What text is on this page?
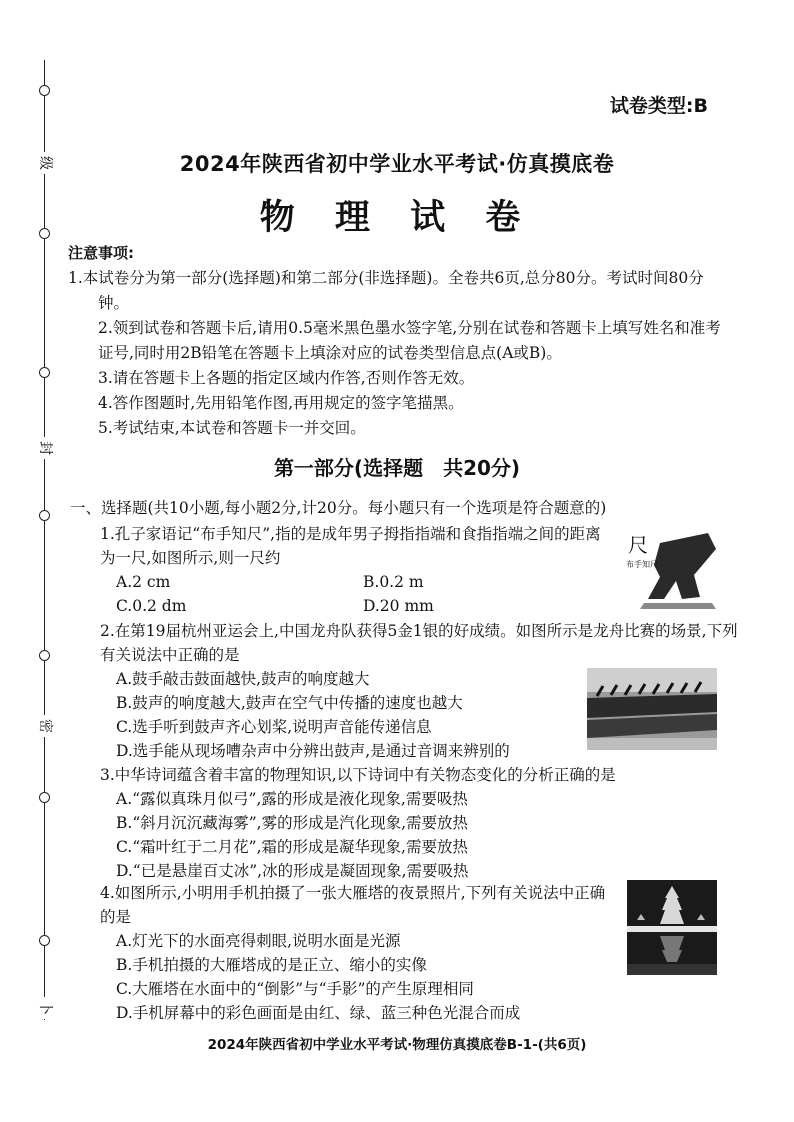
级
封
密
卜
试卷类型:B
2024年陕西省初中学业水平考试·仿真摸底卷
物 理 试 卷
注意事项:

1.本试卷分为第一部分(选择题)和第二部分(非选择题)。全卷共6页,总分80分。考试时间80分钟。

2.领到试卷和答题卡后,请用0.5毫米黑色墨水签字笔,分别在试卷和答题卡上填写姓名和准考证号,同时用2B铅笔在答题卡上填涂对应的试卷类型信息点(A或B)。

3.请在答题卡上各题的指定区域内作答,否则作答无效。

4.答作图题时,先用铅笔作图,再用规定的签字笔描黑。

5.考试结束,本试卷和答题卡一并交回。

第一部分(选择题　共20分)
一、选择题(共10小题,每小题2分,计20分。每小题只有一个选项是符合题意的)

1.孔子家语记“布手知尺”,指的是成年男子拇指指端和食指指端之间的距离为一尺,如图所示,则一尺约

A.2 cm	B.0.2 m
C.0.2 dm	D.20 mm
尺
布手知尺

2.在第19届杭州亚运会上,中国龙舟队获得5金1银的好成绩。如图所示是龙舟比赛的场景,下列有关说法中正确的是

A.鼓手敲击鼓面越快,鼓声的响度越大

B.鼓声的响度越大,鼓声在空气中传播的速度也越大

C.选手听到鼓声齐心划桨,说明声音能传递信息

D.选手能从现场嘈杂声中分辨出鼓声,是通过音调来辨别的

3.中华诗词蕴含着丰富的物理知识,以下诗词中有关物态变化的分析正确的是

A.“露似真珠月似弓”,露的形成是液化现象,需要吸热

B.“斜月沉沉藏海雾”,雾的形成是汽化现象,需要放热

C.“霜叶红于二月花”,霜的形成是凝华现象,需要放热

D.“已是悬崖百丈冰”,冰的形成是凝固现象,需要吸热

4.如图所示,小明用手机拍摄了一张大雁塔的夜景照片,下列有关说法中正确的是

A.灯光下的水面亮得刺眼,说明水面是光源

B.手机拍摄的大雁塔成的是正立、缩小的实像

C.大雁塔在水面中的“倒影”与“手影”的产生原理相同

D.手机屏幕中的彩色画面是由红、绿、蓝三种色光混合而成

2024年陕西省初中学业水平考试·物理仿真摸底卷B-1-(共6页)
